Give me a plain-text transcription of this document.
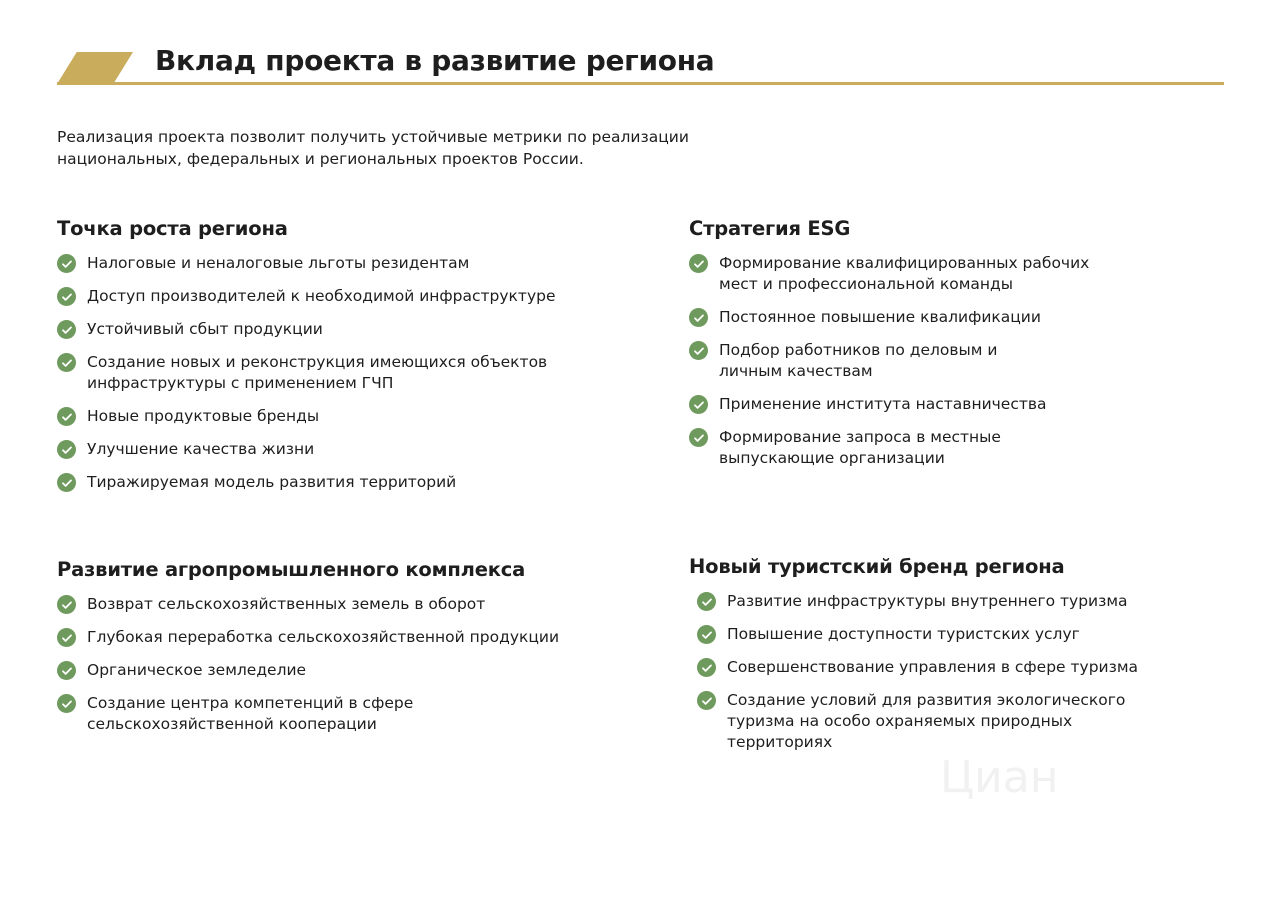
Вклад проекта в развитие региона

Реализация проекта позволит получить устойчивые метрики по реализации национальных, федеральных и региональных проектов России.

Циан
Точка роста региона
Налоговые и неналоговые льготы резидентам
Доступ производителей к необходимой инфраструктуре
Устойчивый сбыт продукции
Создание новых и реконструкция имеющихся объектов инфраструктуры с применением ГЧП
Новые продуктовые бренды
Улучшение качества жизни
Тиражируемая модель развития территорий
Стратегия ESG
Формирование квалифицированных рабочих мест и профессиональной команды
Постоянное повышение квалификации
Подбор работников по деловым и личным качествам
Применение института наставничества
Формирование запроса в местные выпускающие организации
Развитие агропромышленного комплекса
Возврат сельскохозяйственных земель в оборот
Глубокая переработка сельскохозяйственной продукции
Органическое земледелие
Создание центра компетенций в сфере сельскохозяйственной кооперации
Новый туристский бренд региона
Развитие инфраструктуры внутреннего туризма
Повышение доступности туристских услуг
Совершенствование управления в сфере туризма
Создание условий для развития экологического туризма на особо охраняемых природных территориях
